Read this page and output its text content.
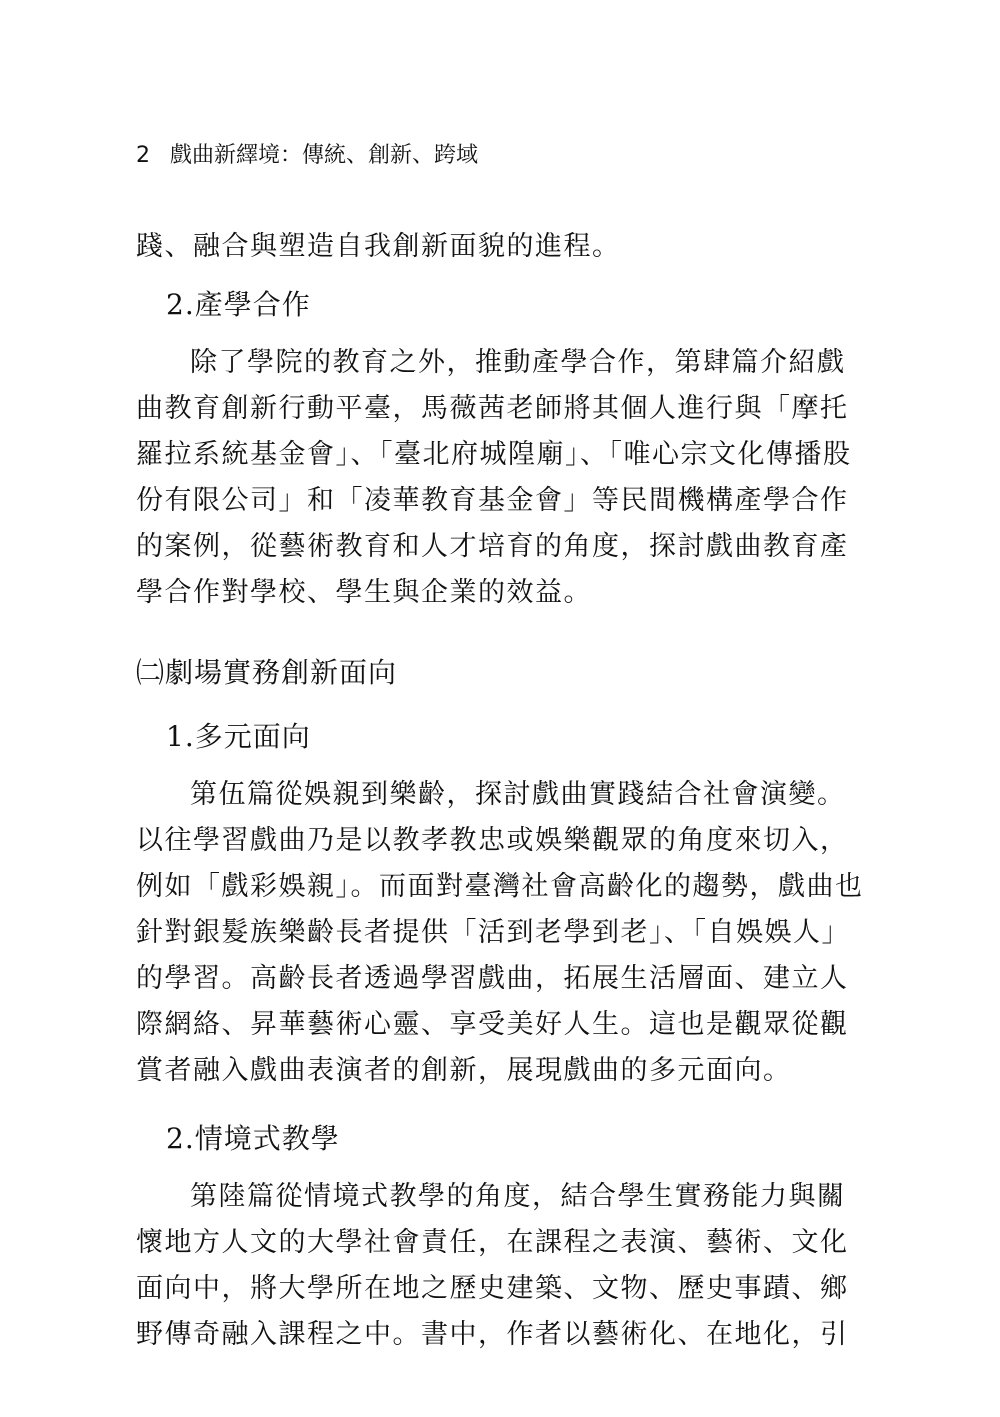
2 戲曲新繹境：傳統、創新、跨域
踐、融合與塑造自我創新面貌的進程。
2.產學合作
除了學院的教育之外，推動產學合作，第肆篇介紹戲
曲教育創新行動平臺，馬薇茜老師將其個人進行與「摩托
羅拉系統基金會」、「臺北府城隍廟」、「唯心宗文化傳播股
份有限公司」和「凌華教育基金會」等民間機構產學合作
的案例，從藝術教育和人才培育的角度，探討戲曲教育產
學合作對學校、學生與企業的效益。
㈡劇場實務創新面向
1.多元面向
第伍篇從娛親到樂齡，探討戲曲實踐結合社會演變。
以往學習戲曲乃是以教孝教忠或娛樂觀眾的角度來切入，
例如「戲彩娛親」。而面對臺灣社會高齡化的趨勢，戲曲也
針對銀髮族樂齡長者提供「活到老學到老」、「自娛娛人」
的學習。高齡長者透過學習戲曲，拓展生活層面、建立人
際網絡、昇華藝術心靈、享受美好人生。這也是觀眾從觀
賞者融入戲曲表演者的創新，展現戲曲的多元面向。
2.情境式教學
第陸篇從情境式教學的角度，結合學生實務能力與關
懷地方人文的大學社會責任，在課程之表演、藝術、文化
面向中，將大學所在地之歷史建築、文物、歷史事蹟、鄉
野傳奇融入課程之中。書中，作者以藝術化、在地化，引
